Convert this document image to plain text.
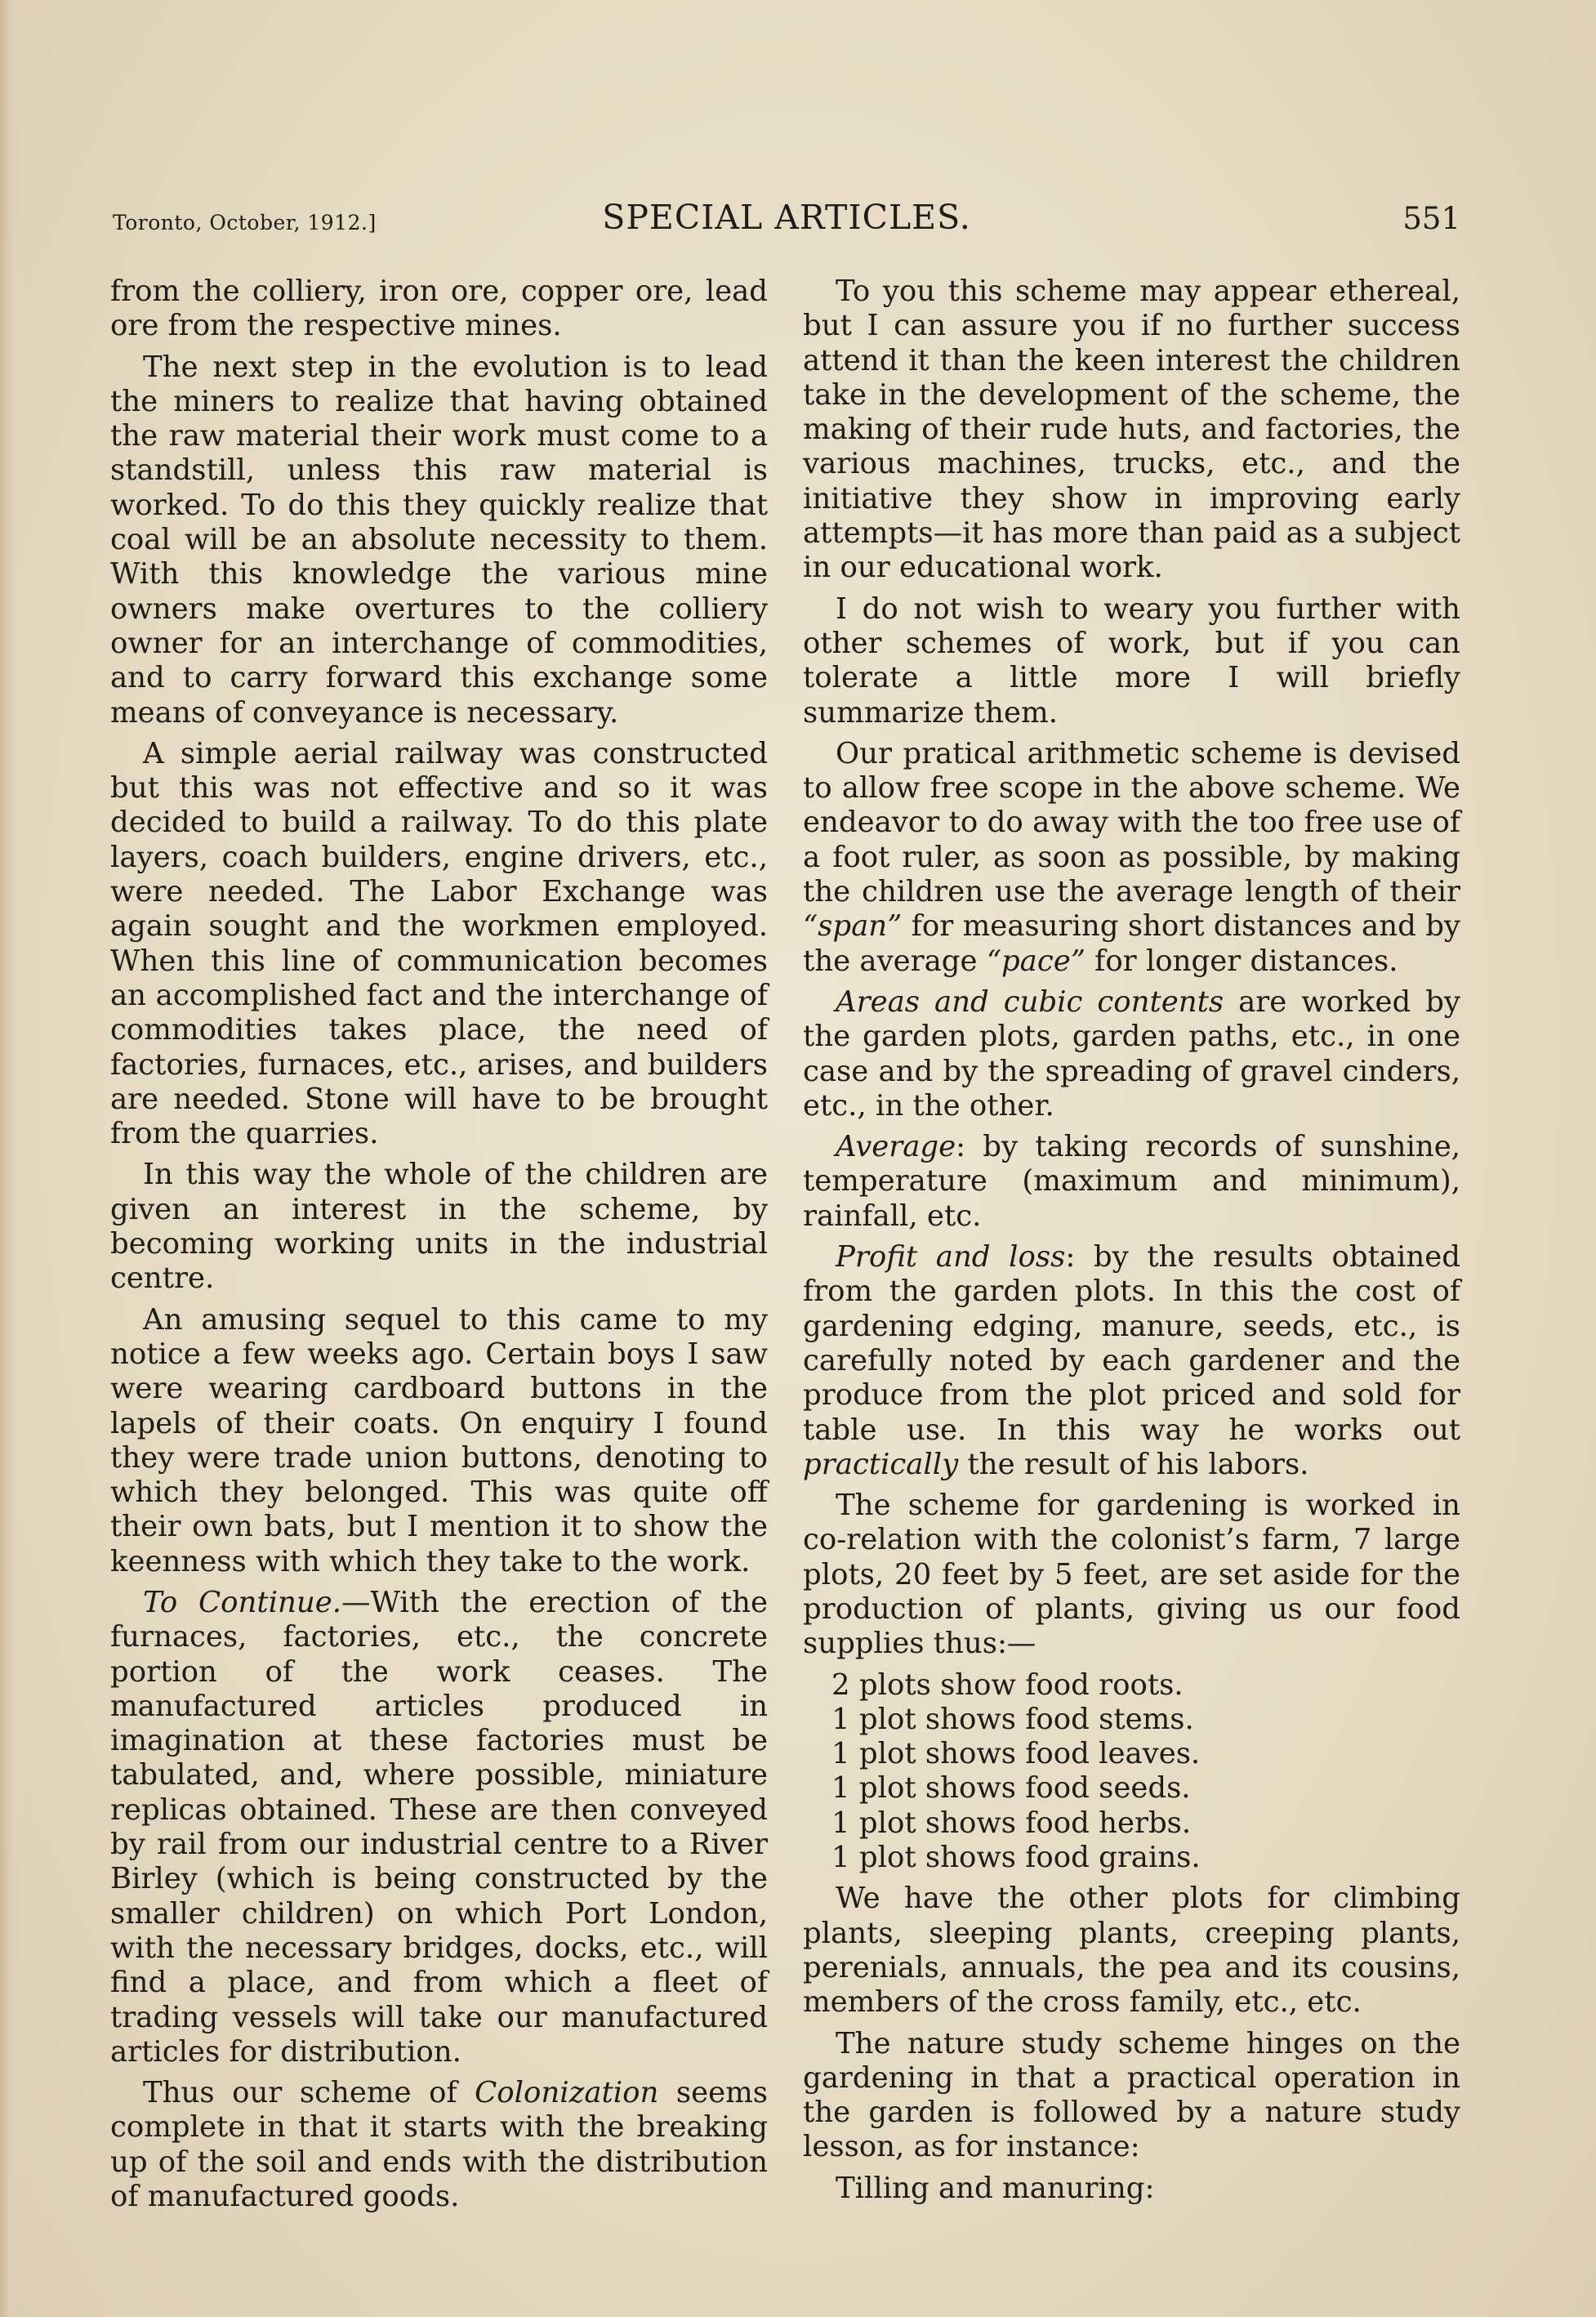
Toronto, October, 1912.]	SPECIAL ARTICLES.	551

from the colliery, iron ore, copper ore, lead ore from the respective mines.

The next step in the evolution is to lead the miners to realize that having obtained the raw material their work must come to a standstill, unless this raw material is worked. To do this they quickly realize that coal will be an absolute necessity to them. With this knowledge the various mine owners make overtures to the colliery owner for an interchange of commodities, and to carry forward this exchange some means of conveyance is necessary.

A simple aerial railway was constructed but this was not effective and so it was decided to build a railway. To do this plate layers, coach builders, engine drivers, etc., were needed. The Labor Exchange was again sought and the workmen employed. When this line of communication becomes an accomplished fact and the interchange of commodities takes place, the need of factories, furnaces, etc., arises, and builders are needed. Stone will have to be brought from the quarries.

In this way the whole of the children are given an interest in the scheme, by becoming working units in the industrial centre.

An amusing sequel to this came to my notice a few weeks ago. Certain boys I saw were wearing cardboard buttons in the lapels of their coats. On enquiry I found they were trade union buttons, denoting to which they belonged. This was quite off their own bats, but I mention it to show the keenness with which they take to the work.

To Continue.—With the erection of the furnaces, factories, etc., the concrete portion of the work ceases. The manufactured articles produced in imagination at these factories must be tabulated, and, where possible, miniature replicas obtained. These are then conveyed by rail from our industrial centre to a River Birley (which is being constructed by the smaller children) on which Port London, with the necessary bridges, docks, etc., will find a place, and from which a fleet of trading vessels will take our manufactured articles for distribution.

Thus our scheme of Colonization seems complete in that it starts with the breaking up of the soil and ends with the distribution of manufactured goods.

To you this scheme may appear ethereal, but I can assure you if no further success attend it than the keen interest the children take in the development of the scheme, the making of their rude huts, and factories, the various machines, trucks, etc., and the initiative they show in improving early attempts—it has more than paid as a subject in our educational work.

I do not wish to weary you further with other schemes of work, but if you can tolerate a little more I will briefly summarize them.

Our pratical arithmetic scheme is devised to allow free scope in the above scheme. We endeavor to do away with the too free use of a foot ruler, as soon as possible, by making the children use the average length of their “span” for measuring short distances and by the average “pace” for longer distances.

Areas and cubic contents are worked by the garden plots, garden paths, etc., in one case and by the spreading of gravel cinders, etc., in the other.

Average: by taking records of sunshine, temperature (maximum and minimum), rainfall, etc.

Profit and loss: by the results obtained from the garden plots. In this the cost of gardening edging, manure, seeds, etc., is carefully noted by each gardener and the produce from the plot priced and sold for table use. In this way he works out practically the result of his labors.

The scheme for gardening is worked in co-relation with the colonist’s farm, 7 large plots, 20 feet by 5 feet, are set aside for the production of plants, giving us our food supplies thus:—

2 plots show food roots.

1 plot shows food stems.

1 plot shows food leaves.

1 plot shows food seeds.

1 plot shows food herbs.

1 plot shows food grains.

We have the other plots for climbing plants, sleeping plants, creeping plants, perenials, annuals, the pea and its cousins, members of the cross family, etc., etc.

The nature study scheme hinges on the gardening in that a practical operation in the garden is followed by a nature study lesson, as for instance:

Tilling and manuring:
